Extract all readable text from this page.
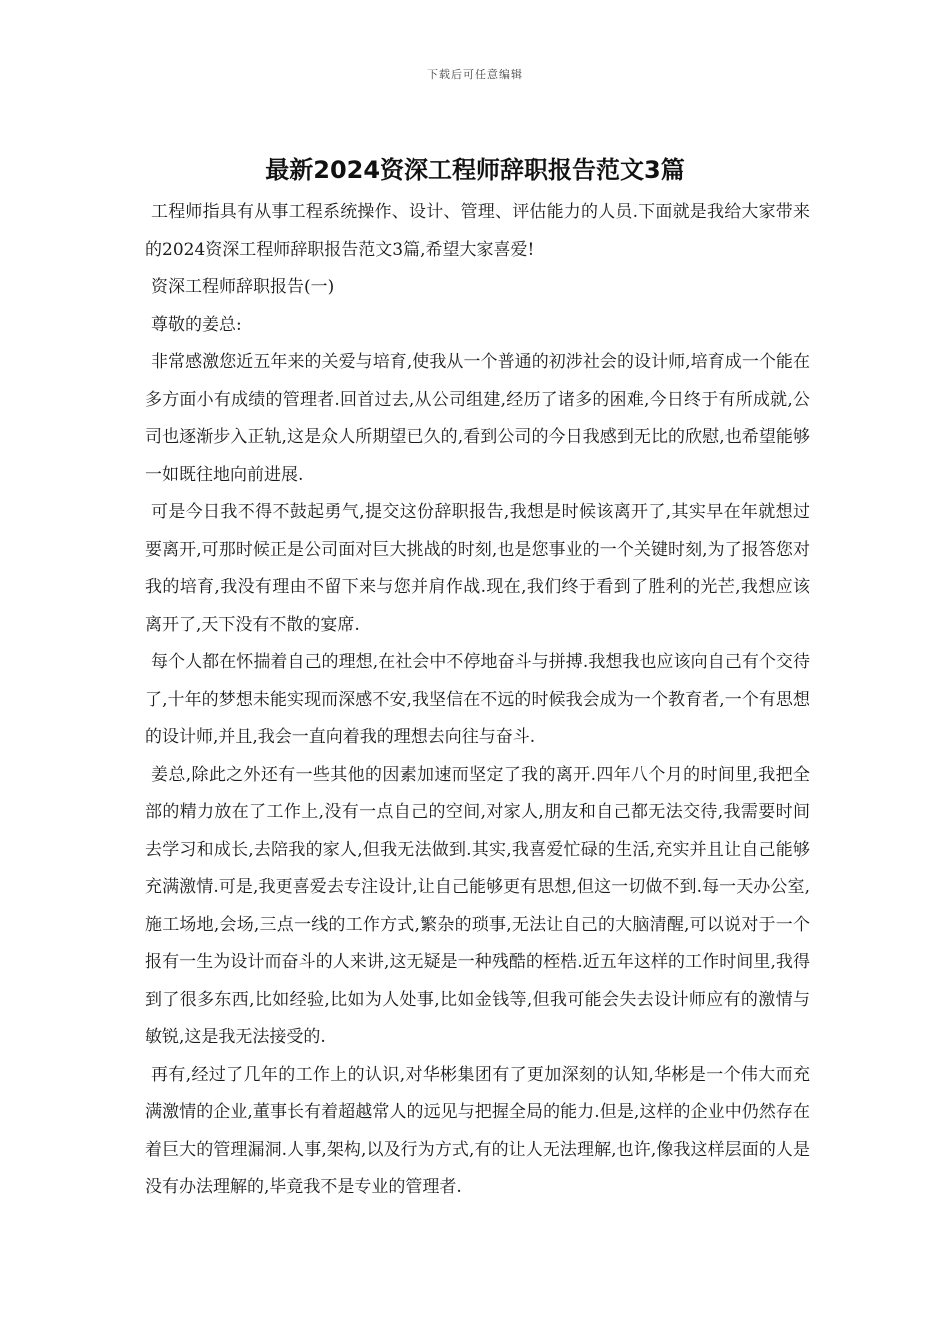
下载后可任意编辑
最新2024资深工程师辞职报告范文3篇

工程师指具有从事工程系统操作、设计、管理、评估能力的人员.下面就是我给大家带来的2024资深工程师辞职报告范文3篇,希望大家喜爱!

资深工程师辞职报告(一)

尊敬的姜总:

非常感激您近五年来的关爱与培育,使我从一个普通的初涉社会的设计师,培育成一个能在多方面小有成绩的管理者.回首过去,从公司组建,经历了诸多的困难,今日终于有所成就,公司也逐渐步入正轨,这是众人所期望已久的,看到公司的今日我感到无比的欣慰,也希望能够一如既往地向前进展.

可是今日我不得不鼓起勇气,提交这份辞职报告,我想是时候该离开了,其实早在年就想过要离开,可那时候正是公司面对巨大挑战的时刻,也是您事业的一个关键时刻,为了报答您对我的培育,我没有理由不留下来与您并肩作战.现在,我们终于看到了胜利的光芒,我想应该离开了,天下没有不散的宴席.

每个人都在怀揣着自己的理想,在社会中不停地奋斗与拼搏.我想我也应该向自己有个交待了,十年的梦想未能实现而深感不安,我坚信在不远的时候我会成为一个教育者,一个有思想的设计师,并且,我会一直向着我的理想去向往与奋斗.

姜总,除此之外还有一些其他的因素加速而坚定了我的离开.四年八个月的时间里,我把全部的精力放在了工作上,没有一点自己的空间,对家人,朋友和自己都无法交待,我需要时间去学习和成长,去陪我的家人,但我无法做到.其实,我喜爱忙碌的生活,充实并且让自己能够充满激情.可是,我更喜爱去专注设计,让自己能够更有思想,但这一切做不到.每一天办公室,施工场地,会场,三点一线的工作方式,繁杂的琐事,无法让自己的大脑清醒,可以说对于一个报有一生为设计而奋斗的人来讲,这无疑是一种残酷的桎梏.近五年这样的工作时间里,我得到了很多东西,比如经验,比如为人处事,比如金钱等,但我可能会失去设计师应有的激情与敏锐,这是我无法接受的.

再有,经过了几年的工作上的认识,对华彬集团有了更加深刻的认知,华彬是一个伟大而充满激情的企业,董事长有着超越常人的远见与把握全局的能力.但是,这样的企业中仍然存在着巨大的管理漏洞.人事,架构,以及行为方式,有的让人无法理解,也许,像我这样层面的人是没有办法理解的,毕竟我不是专业的管理者.
